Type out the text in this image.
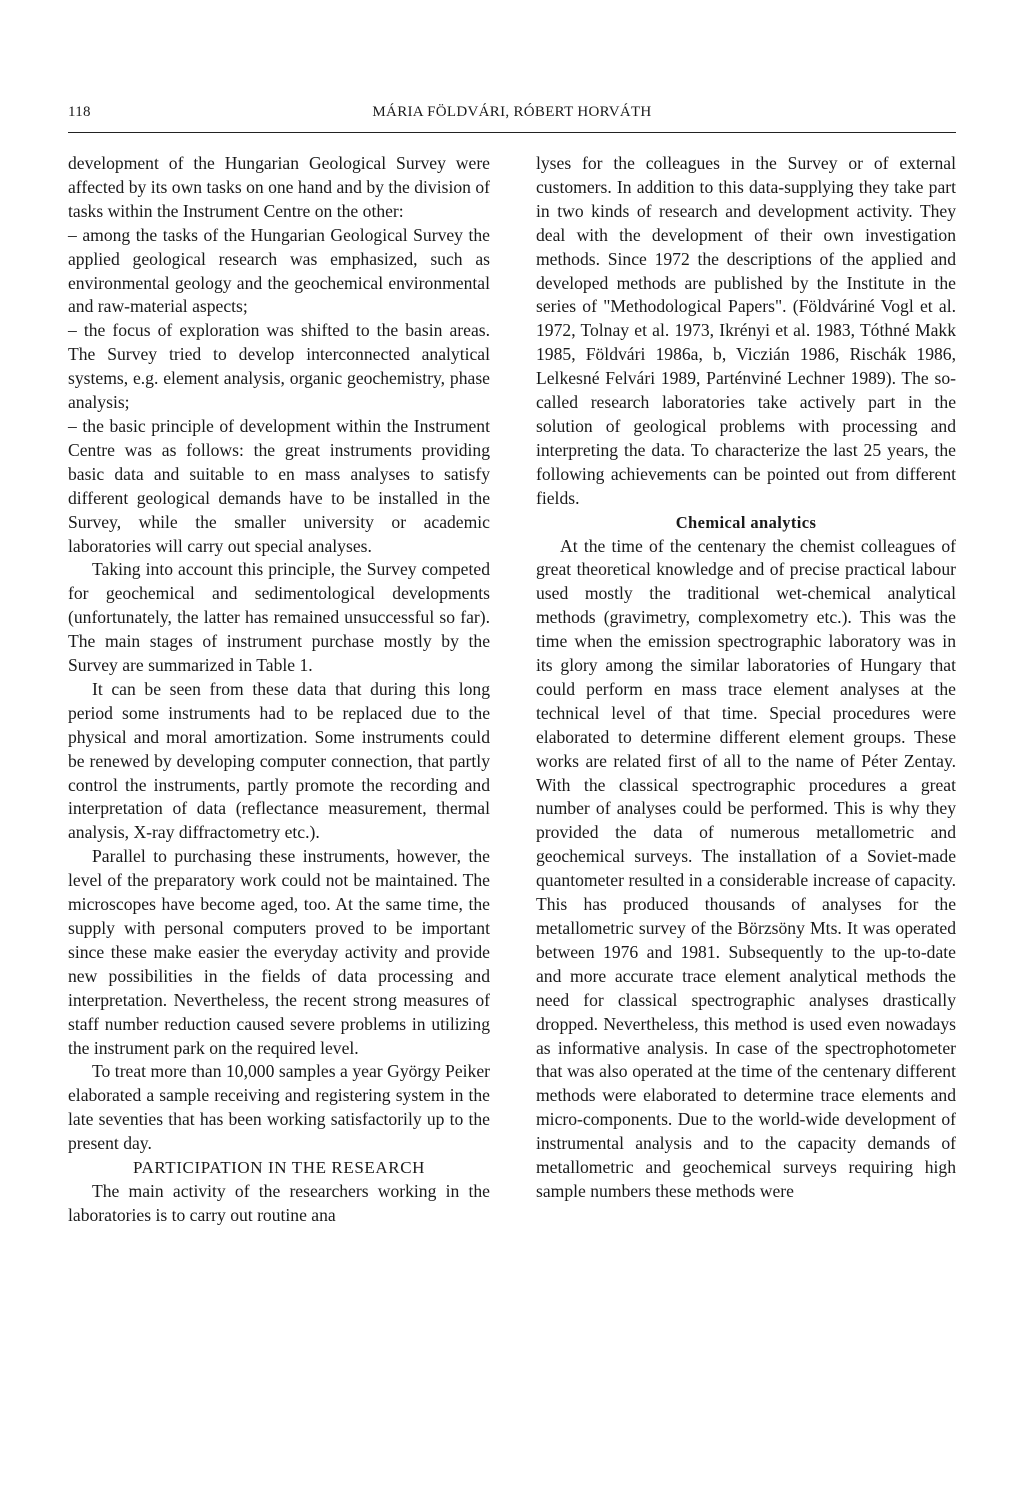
118	MÁRIA FÖLDVÁRI, RÓBERT HORVÁTH

development of the Hungarian Geological Survey were affected by its own tasks on one hand and by the division of tasks within the Instrument Centre on the other:

– among the tasks of the Hungarian Geological Survey the applied geological research was emphasized, such as environmental geology and the geochemical environmental and raw-material aspects;

– the focus of exploration was shifted to the basin areas. The Survey tried to develop interconnected analytical systems, e.g. element analysis, organic geochemistry, phase analysis;

– the basic principle of development within the Instrument Centre was as follows: the great instruments providing basic data and suitable to en mass analyses to satisfy different geological demands have to be installed in the Survey, while the smaller university or academic laboratories will carry out special analyses.

Taking into account this principle, the Survey competed for geochemical and sedimentological developments (unfortunately, the latter has remained unsuccessful so far). The main stages of instrument purchase mostly by the Survey are summarized in Table 1.

It can be seen from these data that during this long period some instruments had to be replaced due to the physical and moral amortization. Some instruments could be renewed by developing computer connection, that partly control the instruments, partly promote the recording and interpretation of data (reflectance measurement, thermal analysis, X-ray diffractometry etc.).

Parallel to purchasing these instruments, however, the level of the preparatory work could not be maintained. The microscopes have become aged, too. At the same time, the supply with personal computers proved to be important since these make easier the everyday activity and provide new possibilities in the fields of data processing and interpretation. Nevertheless, the recent strong measures of staff number reduction caused severe problems in utilizing the instrument park on the required level.

To treat more than 10,000 samples a year György Peiker elaborated a sample receiving and registering system in the late seventies that has been working satisfactorily up to the present day.

PARTICIPATION IN THE RESEARCH

The main activity of the researchers working in the laboratories is to carry out routine ana

lyses for the colleagues in the Survey or of external customers. In addition to this data-supplying they take part in two kinds of research and development activity. They deal with the development of their own investigation methods. Since 1972 the descriptions of the applied and developed methods are published by the Institute in the series of "Methodological Papers". (Földváriné Vogl et al. 1972, Tolnay et al. 1973, Ikrényi et al. 1983, Tóthné Makk 1985, Földvári 1986a, b, Viczián 1986, Rischák 1986, Lelkesné Felvári 1989, Parténviné Lechner 1989). The so-called research laboratories take actively part in the solution of geological problems with processing and interpreting the data. To characterize the last 25 years, the following achievements can be pointed out from different fields.

Chemical analytics

At the time of the centenary the chemist colleagues of great theoretical knowledge and of precise practical labour used mostly the traditional wet-chemical analytical methods (gravimetry, complexometry etc.). This was the time when the emission spectrographic laboratory was in its glory among the similar laboratories of Hungary that could perform en mass trace element analyses at the technical level of that time. Special procedures were elaborated to determine different element groups. These works are related first of all to the name of Péter Zentay. With the classical spectrographic procedures a great number of analyses could be performed. This is why they provided the data of numerous metallometric and geochemical surveys. The installation of a Soviet-made quantometer resulted in a considerable increase of capacity. This has produced thousands of analyses for the metallometric survey of the Börzsöny Mts. It was operated between 1976 and 1981. Subsequently to the up-to-date and more accurate trace element analytical methods the need for classical spectrographic analyses drastically dropped. Nevertheless, this method is used even nowadays as informative analysis. In case of the spectrophotometer that was also operated at the time of the centenary different methods were elaborated to determine trace elements and micro-components. Due to the world-wide development of instrumental analysis and to the capacity demands of metallometric and geochemical surveys requiring high sample numbers these methods were
